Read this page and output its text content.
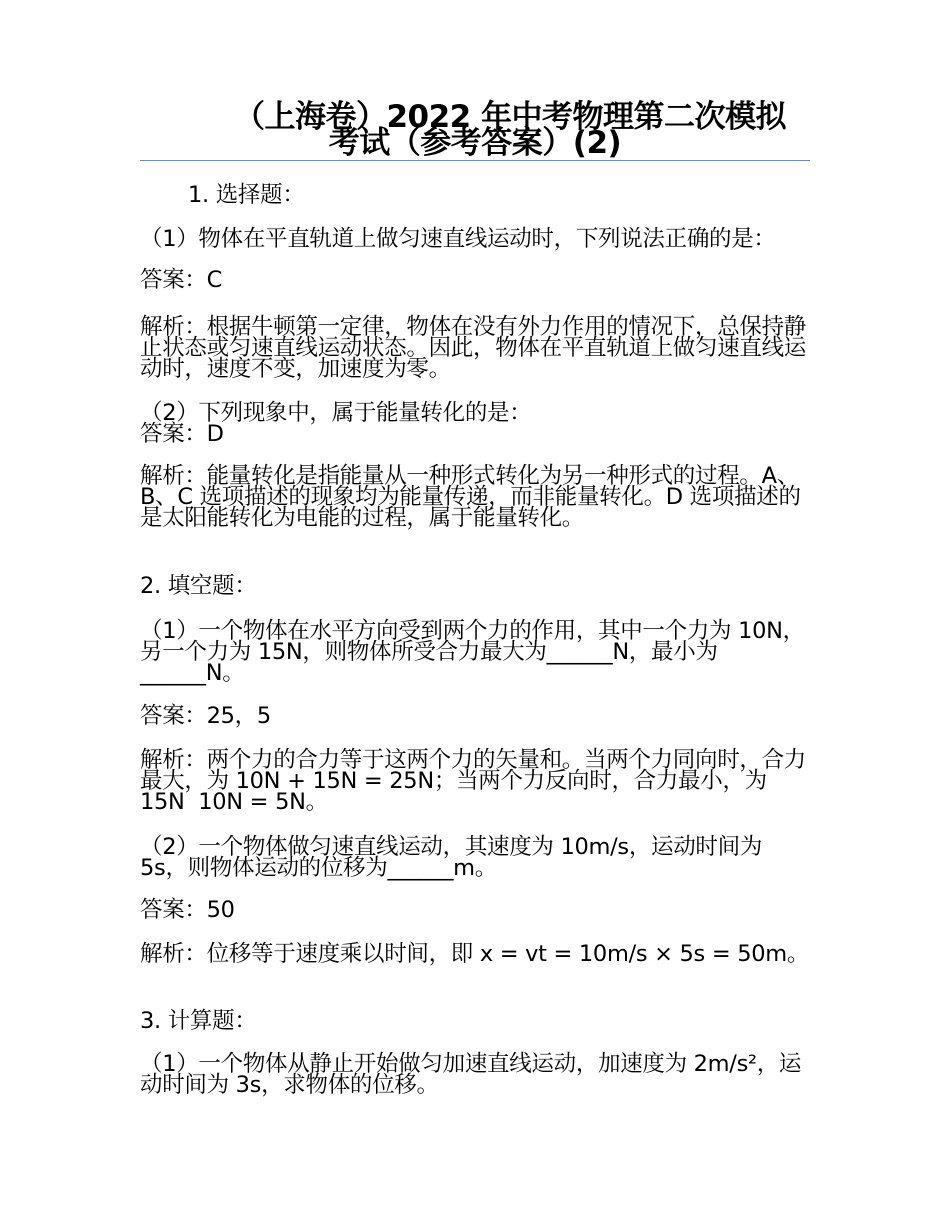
（上海卷）2022 年中考物理第二次模拟
考试（参考答案）(2)
1. 选择题：
（1）物体在平直轨道上做匀速直线运动时，下列说法正确的是：
答案：C
解析：根据牛顿第一定律，物体在没有外力作用的情况下，总保持静止状态或匀速直线运动状态。因此，物体在平直轨道上做匀速直线运动时，速度不变，加速度为零。
（2）下列现象中，属于能量转化的是：
答案：D
解析：能量转化是指能量从一种形式转化为另一种形式的过程。A、B、C 选项描述的现象均为能量传递，而非能量转化。D 选项描述的是太阳能转化为电能的过程，属于能量转化。
2. 填空题：
（1）一个物体在水平方向受到两个力的作用，其中一个力为 10N，另一个力为 15N，则物体所受合力最大为______N，最小为______N。
答案：25，5
解析：两个力的合力等于这两个力的矢量和。当两个力同向时，合力最大，为 10N + 15N = 25N；当两个力反向时，合力最小，为 15N  10N = 5N。
（2）一个物体做匀速直线运动，其速度为 10m/s，运动时间为 5s，则物体运动的位移为______m。
答案：50
解析：位移等于速度乘以时间，即 x = vt = 10m/s × 5s = 50m。
3. 计算题：
（1）一个物体从静止开始做匀加速直线运动，加速度为 2m/s²，运动时间为 3s，求物体的位移。
